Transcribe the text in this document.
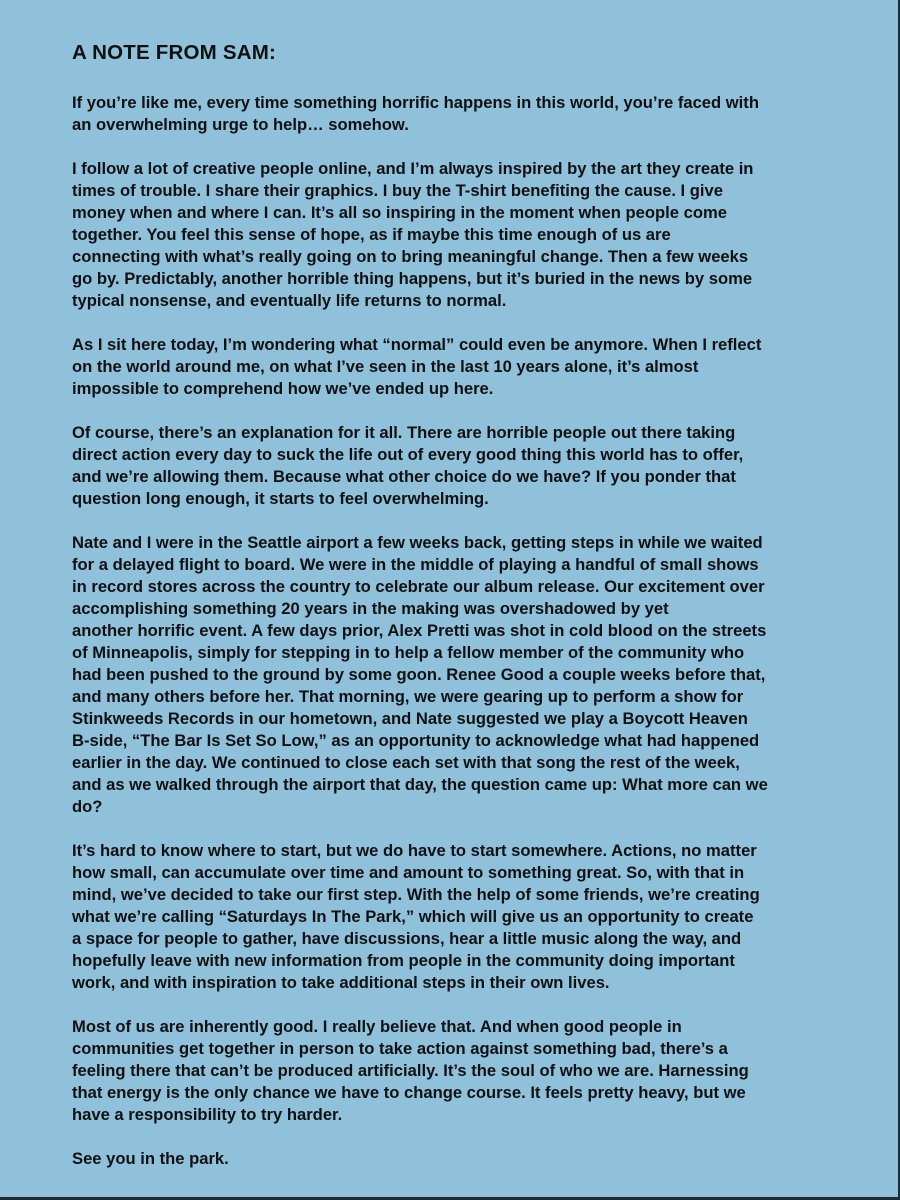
A NOTE FROM SAM:

If you’re like me, every time something horrific happens in this world, you’re faced with
an overwhelming urge to help… somehow.

I follow a lot of creative people online, and I’m always inspired by the art they create in
times of trouble. I share their graphics. I buy the T-shirt benefiting the cause. I give
money when and where I can. It’s all so inspiring in the moment when people come
together. You feel this sense of hope, as if maybe this time enough of us are
connecting with what’s really going on to bring meaningful change. Then a few weeks
go by. Predictably, another horrible thing happens, but it’s buried in the news by some
typical nonsense, and eventually life returns to normal.

As I sit here today, I’m wondering what “normal” could even be anymore. When I reflect
on the world around me, on what I’ve seen in the last 10 years alone, it’s almost
impossible to comprehend how we’ve ended up here.

Of course, there’s an explanation for it all. There are horrible people out there taking
direct action every day to suck the life out of every good thing this world has to offer,
and we’re allowing them. Because what other choice do we have? If you ponder that
question long enough, it starts to feel overwhelming.

Nate and I were in the Seattle airport a few weeks back, getting steps in while we waited
for a delayed flight to board. We were in the middle of playing a handful of small shows
in record stores across the country to celebrate our album release. Our excitement over
accomplishing something 20 years in the making was overshadowed by yet
another horrific event. A few days prior, Alex Pretti was shot in cold blood on the streets
of Minneapolis, simply for stepping in to help a fellow member of the community who
had been pushed to the ground by some goon. Renee Good a couple weeks before that,
and many others before her. That morning, we were gearing up to perform a show for
Stinkweeds Records in our hometown, and Nate suggested we play a Boycott Heaven
B-side, “The Bar Is Set So Low,” as an opportunity to acknowledge what had happened
earlier in the day. We continued to close each set with that song the rest of the week,
and as we walked through the airport that day, the question came up: What more can we
do?

It’s hard to know where to start, but we do have to start somewhere. Actions, no matter
how small, can accumulate over time and amount to something great. So, with that in
mind, we’ve decided to take our first step. With the help of some friends, we’re creating
what we’re calling “Saturdays In The Park,” which will give us an opportunity to create
a space for people to gather, have discussions, hear a little music along the way, and
hopefully leave with new information from people in the community doing important
work, and with inspiration to take additional steps in their own lives.

Most of us are inherently good. I really believe that. And when good people in
communities get together in person to take action against something bad, there’s a
feeling there that can’t be produced artificially. It’s the soul of who we are. Harnessing
that energy is the only chance we have to change course. It feels pretty heavy, but we
have a responsibility to try harder.

See you in the park.
